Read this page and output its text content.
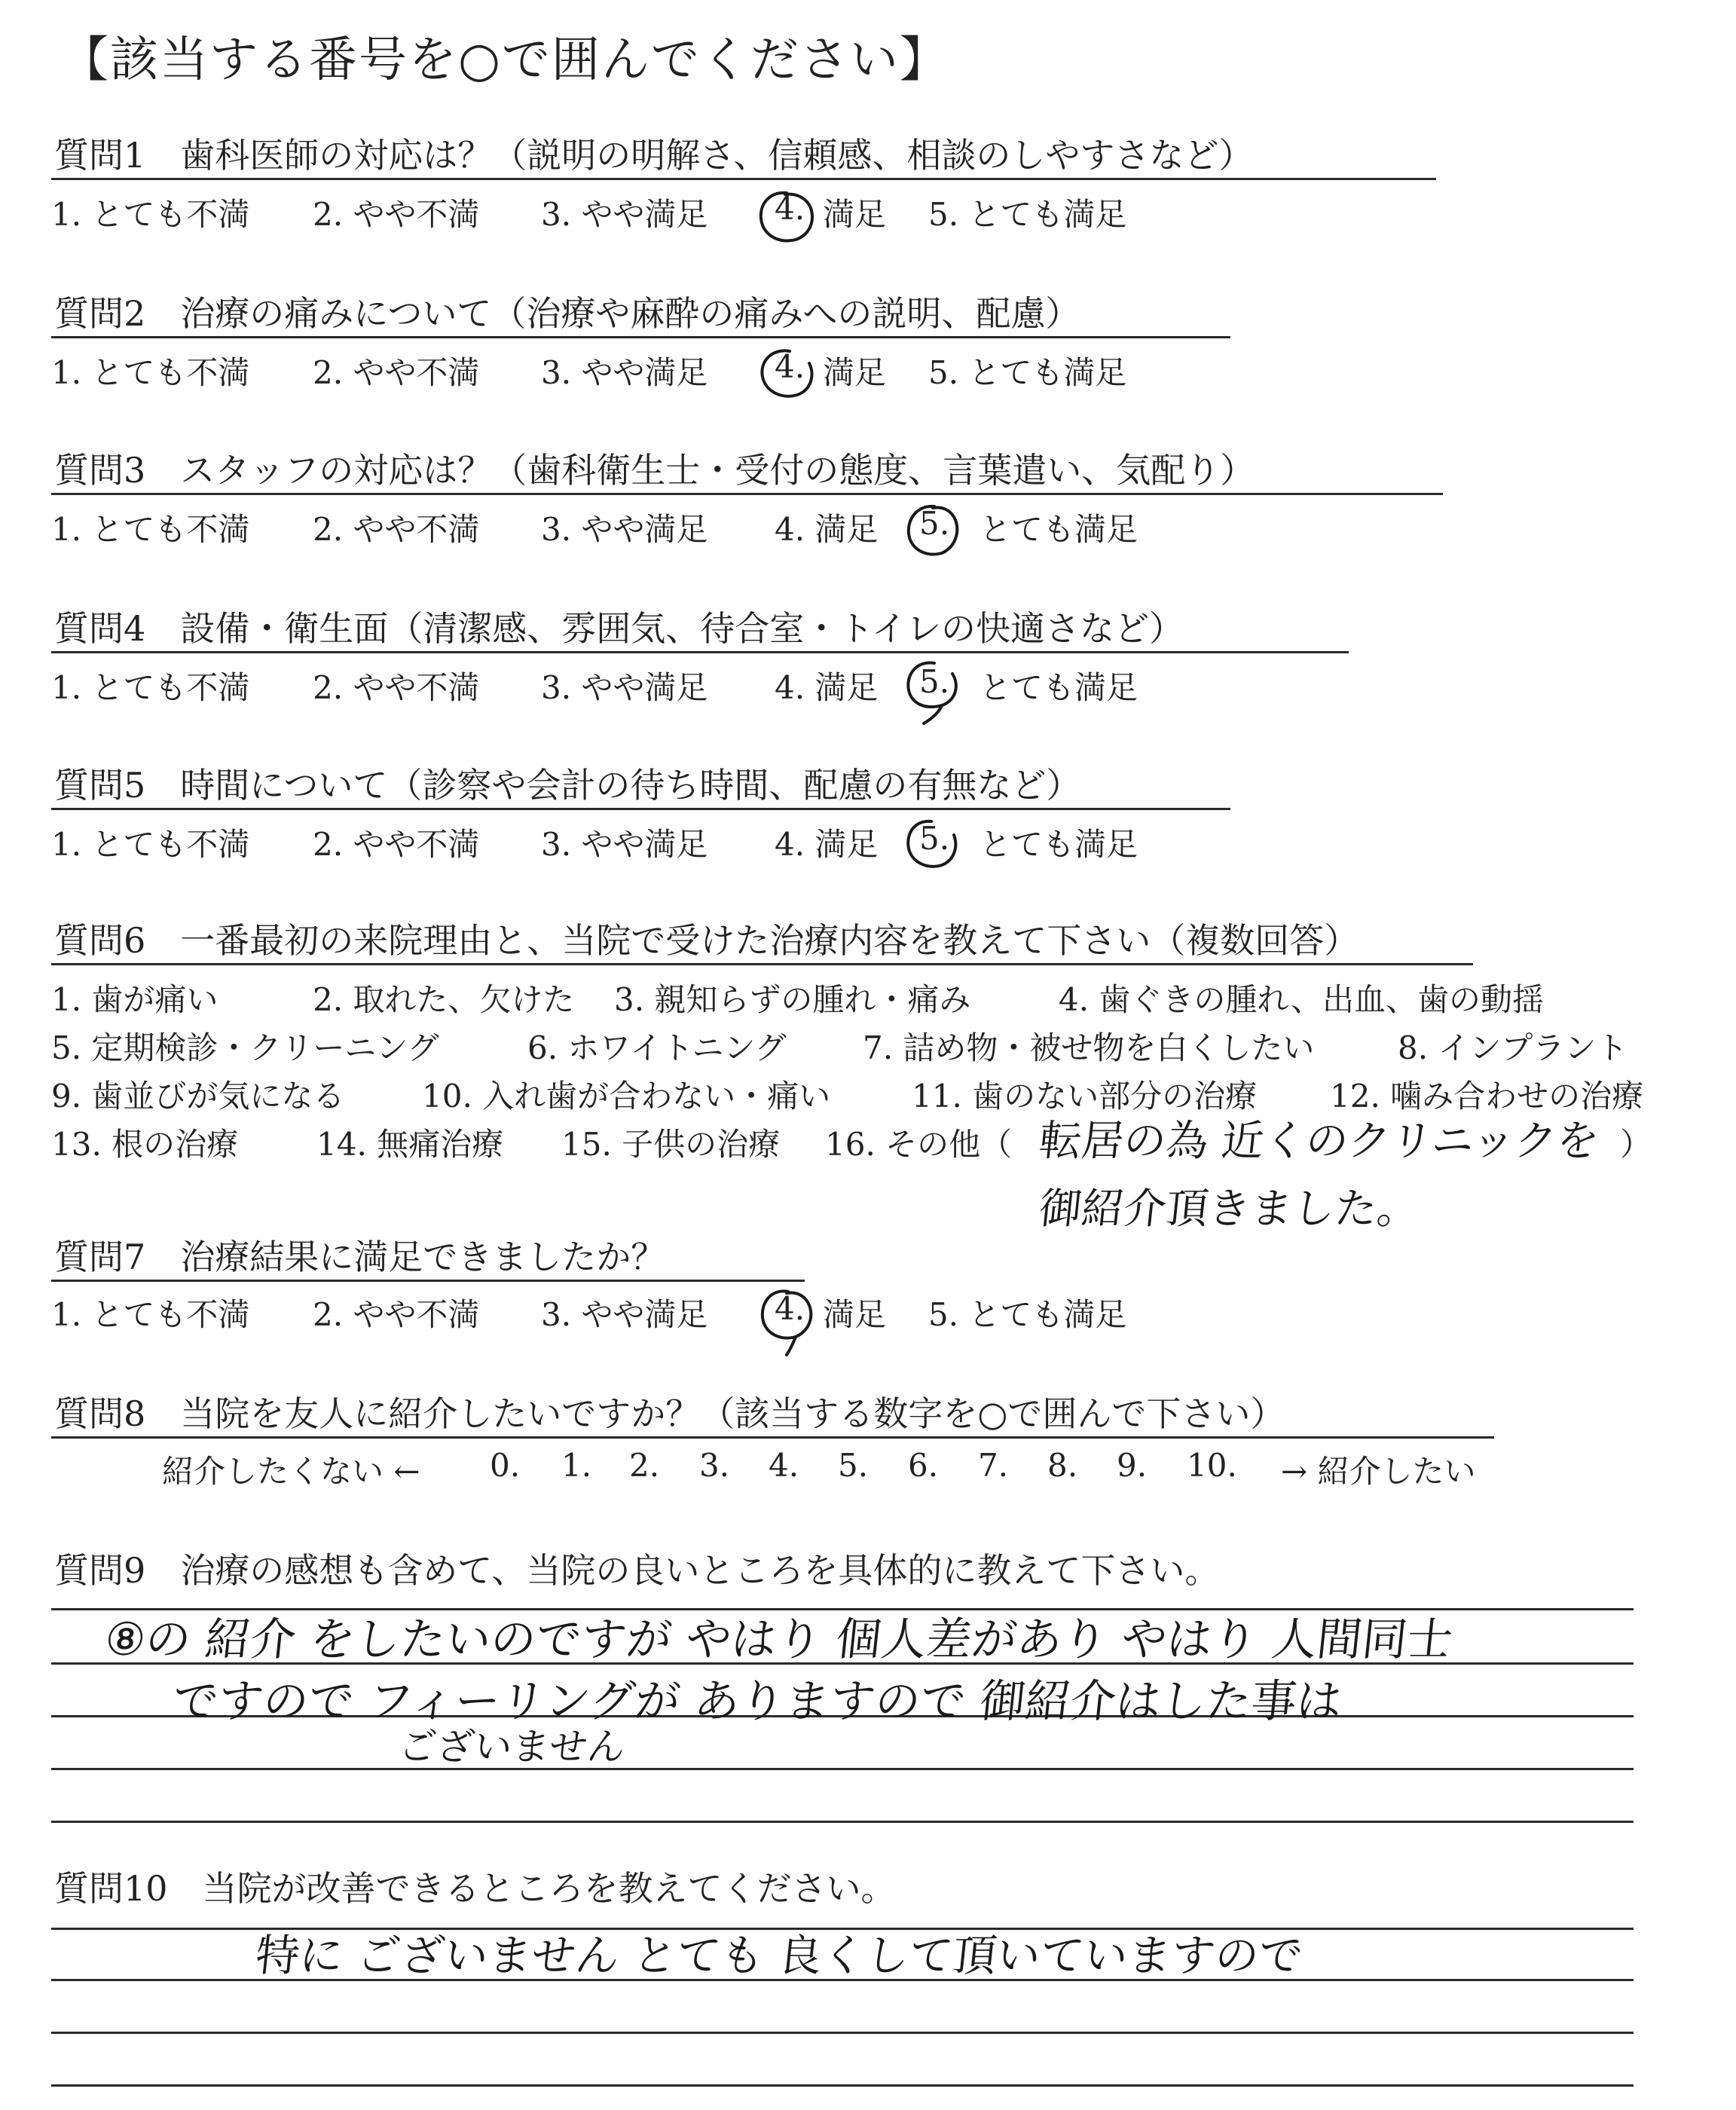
【該当する番号を○で囲んでください】
質問1　歯科医師の対応は？（説明の明解さ、信頼感、相談のしやすさなど）
1. とても不満 2. やや不満 3. やや満足 4. 満足 5. とても満足
質問2　治療の痛みについて（治療や麻酔の痛みへの説明、配慮）
1. とても不満 2. やや不満 3. やや満足 4. 満足 5. とても満足
質問3　スタッフの対応は？（歯科衛生士・受付の態度、言葉遣い、気配り）
1. とても不満 2. やや不満 3. やや満足 4. 満足 5. とても満足
質問4　設備・衛生面（清潔感、雰囲気、待合室・トイレの快適さなど）
1. とても不満 2. やや不満 3. やや満足 4. 満足 5. とても満足
質問5　時間について（診察や会計の待ち時間、配慮の有無など）
1. とても不満 2. やや不満 3. やや満足 4. 満足 5. とても満足
質問6　一番最初の来院理由と、当院で受けた治療内容を教えて下さい（複数回答）
1. 歯が痛い	2. 取れた、欠けた 3. 親知らずの腫れ・痛み	4. 歯ぐきの腫れ、出血、歯の動揺
5. 定期検診・クリーニング	6. ホワイトニング 7. 詰め物・被せ物を白くしたい	8. インプラント
9. 歯並びが気になる 10. 入れ歯が合わない・痛い	11. 歯のない部分の治療 12. 噛み合わせの治療
13. 根の治療 14. 無痛治療 15. 子供の治療 16. その他（	）
転居の為 近くのクリニックを
御紹介頂きました。
質問7　治療結果に満足できましたか？
1. とても不満 2. やや不満 3. やや満足 4. 満足 5. とても満足
質問8　当院を友人に紹介したいですか？（該当する数字を○で囲んで下さい）
紹介したくない ← 0. 1. 2. 3. 4. 5. 6. 7. 8. 9. 10. → 紹介したい
質問9　治療の感想も含めて、当院の良いところを具体的に教えて下さい。
⑧の 紹介 をしたいのですが やはり 個人差があり やはり 人間同士
ですので フィーリングが ありますので 御紹介はした事は
ございません
質問10　当院が改善できるところを教えてください。
特に ございません とても 良くして頂いていますので
